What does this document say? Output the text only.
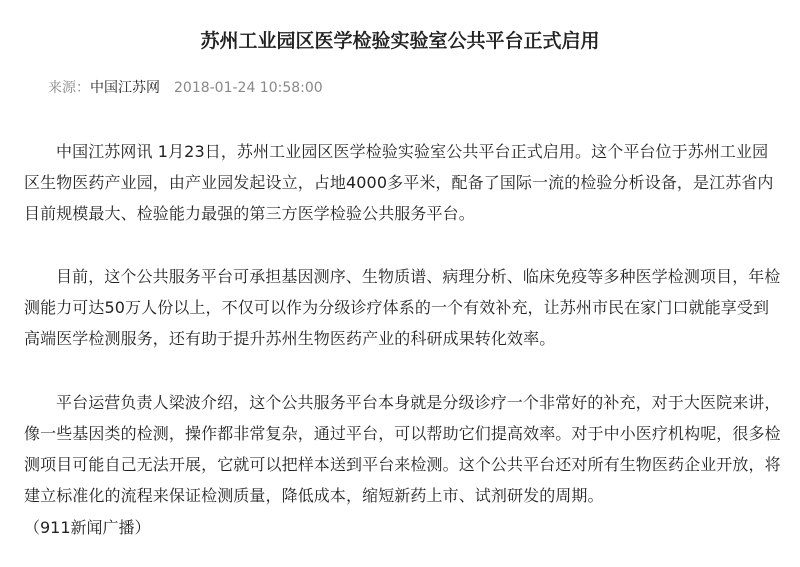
苏州工业园区医学检验实验室公共平台正式启用
来源：中国江苏网 2018-01-24 10:58:00

中国江苏网讯 1月23日，苏州工业园区医学检验实验室公共平台正式启用。这个平台位于苏州工业园区生物医药产业园，由产业园发起设立，占地4000多平米，配备了国际一流的检验分析设备，是江苏省内目前规模最大、检验能力最强的第三方医学检验公共服务平台。

目前，这个公共服务平台可承担基因测序、生物质谱、病理分析、临床免疫等多种医学检测项目，年检测能力可达50万人份以上，不仅可以作为分级诊疗体系的一个有效补充，让苏州市民在家门口就能享受到高端医学检测服务，还有助于提升苏州生物医药产业的科研成果转化效率。

平台运营负责人梁波介绍，这个公共服务平台本身就是分级诊疗一个非常好的补充，对于大医院来讲，像一些基因类的检测，操作都非常复杂，通过平台，可以帮助它们提高效率。对于中小医疗机构呢，很多检测项目可能自己无法开展，它就可以把样本送到平台来检测。这个公共平台还对所有生物医药企业开放，将建立标准化的流程来保证检测质量，降低成本，缩短新药上市、试剂研发的周期。

（911新闻广播）
